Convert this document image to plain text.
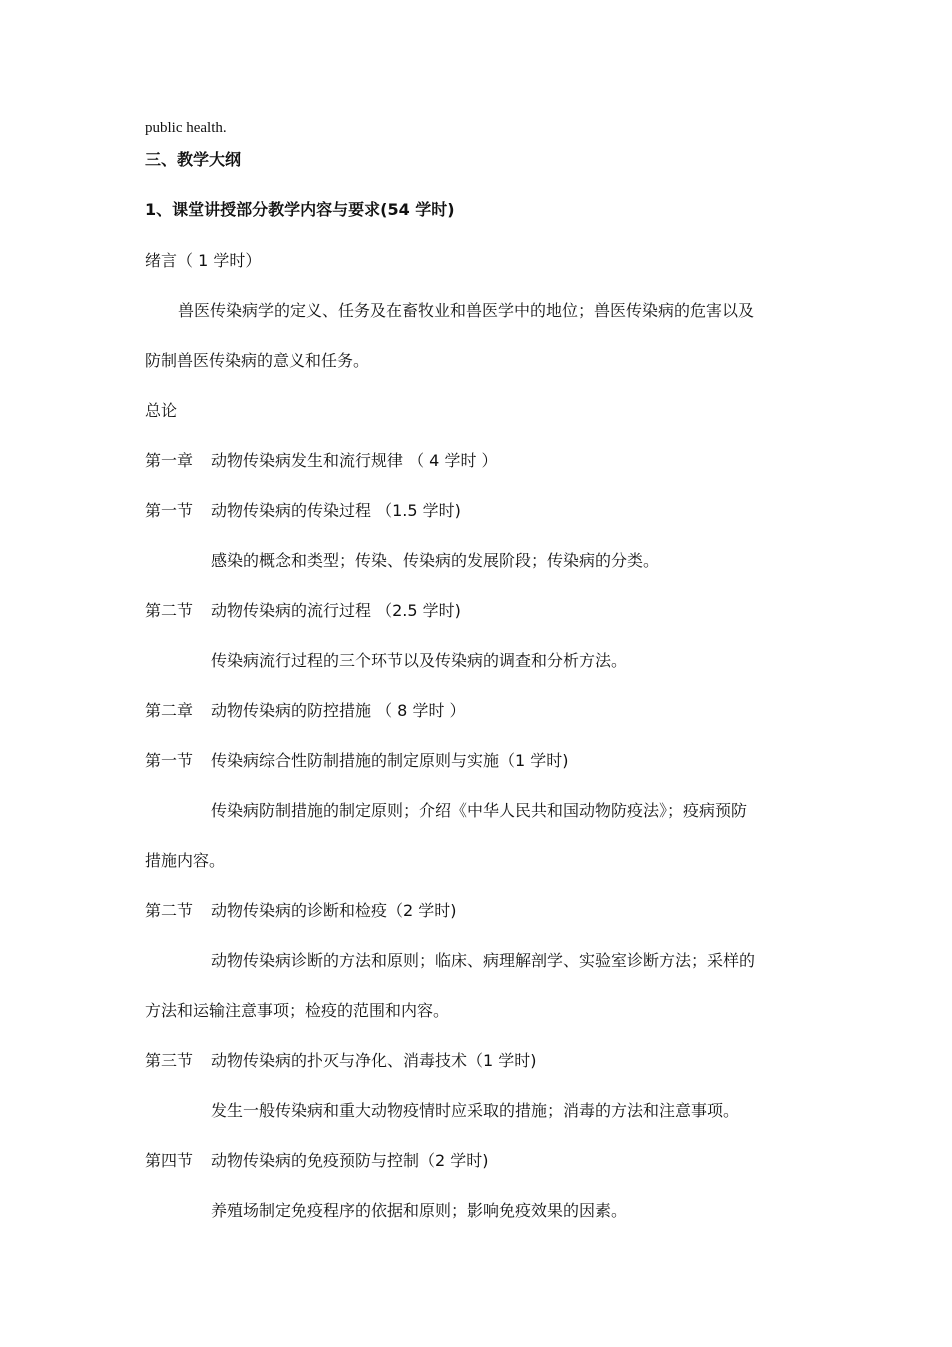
public health.
三、教学大纲
1、课堂讲授部分教学内容与要求(54 学时)
绪言（ 1 学时）
兽医传染病学的定义、任务及在畜牧业和兽医学中的地位；兽医传染病的危害以及
防制兽医传染病的意义和任务。
总论
第一章 动物传染病发生和流行规律 （ 4 学时 ）
第一节 动物传染病的传染过程 （1.5 学时)
感染的概念和类型；传染、传染病的发展阶段；传染病的分类。
第二节 动物传染病的流行过程 （2.5 学时)
传染病流行过程的三个环节以及传染病的调查和分析方法。
第二章 动物传染病的防控措施 （ 8 学时 ）
第一节 传染病综合性防制措施的制定原则与实施（1 学时)
传染病防制措施的制定原则；介绍《中华人民共和国动物防疫法》；疫病预防
措施内容。
第二节 动物传染病的诊断和检疫（2 学时)
动物传染病诊断的方法和原则；临床、病理解剖学、实验室诊断方法；采样的
方法和运输注意事项；检疫的范围和内容。
第三节 动物传染病的扑灭与净化、消毒技术（1 学时)
发生一般传染病和重大动物疫情时应采取的措施；消毒的方法和注意事项。
第四节 动物传染病的免疫预防与控制（2 学时)
养殖场制定免疫程序的依据和原则；影响免疫效果的因素。
